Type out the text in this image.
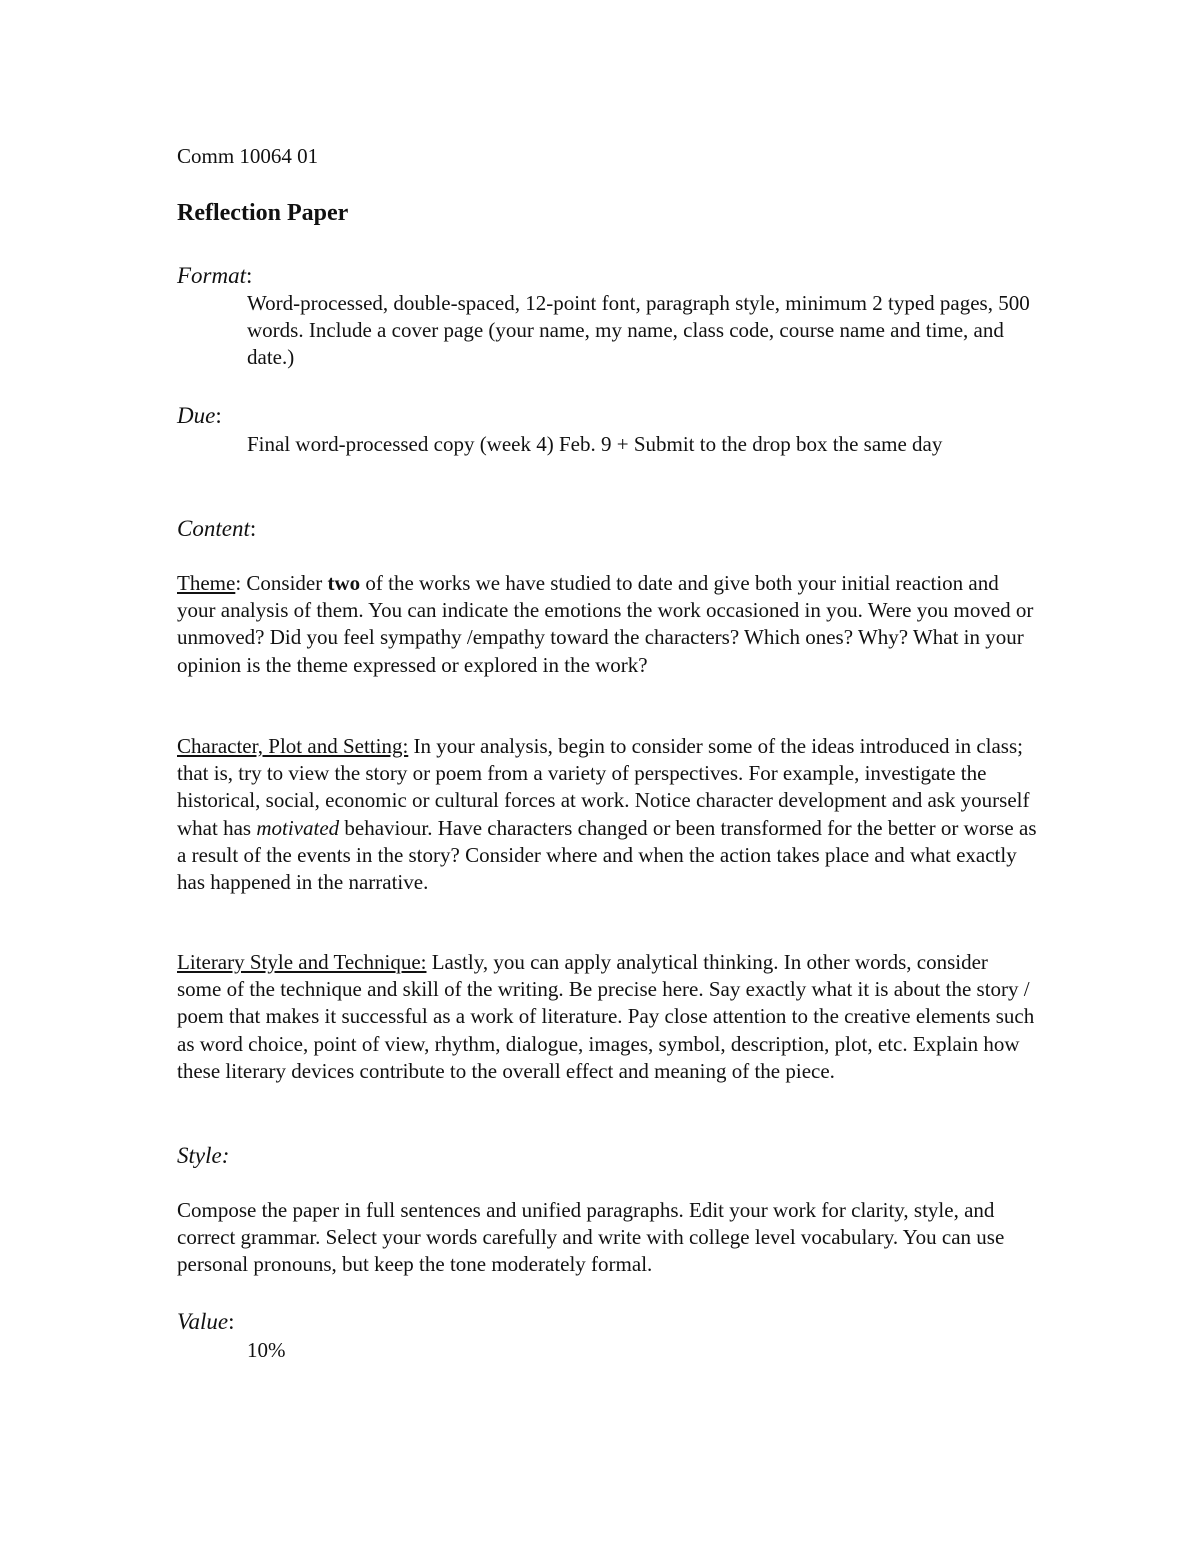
Comm 10064 01
Reflection Paper
Format:
Word-processed, double-spaced, 12-point font, paragraph style, minimum 2 typed pages, 500 words. Include a cover page (your name, my name, class code, course name and time, and date.)
Due:
Final word-processed copy (week 4) Feb. 9 + Submit to the drop box the same day
Content:
Theme: Consider two of the works we have studied to date and give both your initial reaction and your analysis of them. You can indicate the emotions the work occasioned in you. Were you moved or unmoved? Did you feel sympathy /empathy toward the characters? Which ones? Why? What in your opinion is the theme expressed or explored in the work?
Character, Plot and Setting: In your analysis, begin to consider some of the ideas introduced in class; that is, try to view the story or poem from a variety of perspectives. For example, investigate the historical, social, economic or cultural forces at work. Notice character development and ask yourself what has motivated behaviour. Have characters changed or been transformed for the better or worse as a result of the events in the story? Consider where and when the action takes place and what exactly has happened in the narrative.
Literary Style and Technique: Lastly, you can apply analytical thinking. In other words, consider some of the technique and skill of the writing. Be precise here. Say exactly what it is about the story / poem that makes it successful as a work of literature. Pay close attention to the creative elements such as word choice, point of view, rhythm, dialogue, images, symbol, description, plot, etc. Explain how these literary devices contribute to the overall effect and meaning of the piece.
Style:
Compose the paper in full sentences and unified paragraphs. Edit your work for clarity, style, and correct grammar. Select your words carefully and write with college level vocabulary. You can use personal pronouns, but keep the tone moderately formal.
Value:
10%
